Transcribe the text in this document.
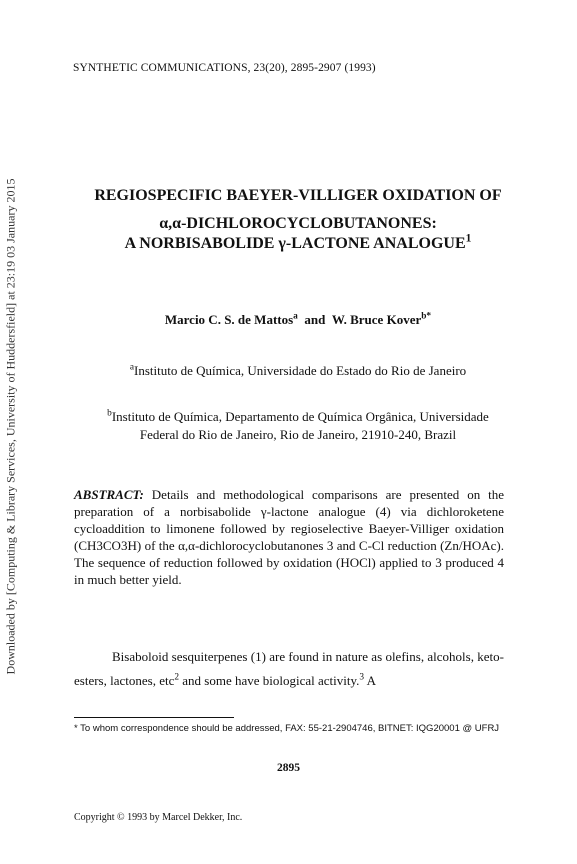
SYNTHETIC COMMUNICATIONS, 23(20), 2895-2907 (1993)
Downloaded by [Computing & Library Services, University of Huddersfield] at 23:19 03 January 2015	REGIOSPECIFIC BAEYER-VILLIGER OXIDATION OF
α,α-DICHLOROCYCLOBUTANONES:
A NORBISABOLIDE γ-LACTONE ANALOGUE$^1$
Marcio C. S. de Mattos$^a$ and W. Bruce Kover$^{b*}$
$^a$Instituto de Química, Universidade do Estado do Rio de Janeiro
$^b$Instituto de Química, Departamento de Química Orgânica, Universidade
Federal do Rio de Janeiro, Rio de Janeiro, 21910-240, Brazil
ABSTRACT: Details and methodological comparisons are presented on the preparation of a norbisabolide γ-lactone analogue (4) via dichloroketene cycloaddition to limonene followed by regioselective Baeyer-Villiger oxidation (CH3CO3H) of the α,α-dichlorocyclobutanones 3 and C-Cl reduction (Zn/HOAc). The sequence of reduction followed by oxidation (HOCl) applied to 3 produced 4 in much better yield.
Bisaboloid sesquiterpenes (1) are found in nature as olefins, alcohols, keto-esters, lactones, etc$^2$ and some have biological activity.$^3$ A
* To whom correspondence should be addressed, FAX: 55-21-2904746, BITNET: IQG20001 @ UFRJ
2895
Copyright © 1993 by Marcel Dekker, Inc.
